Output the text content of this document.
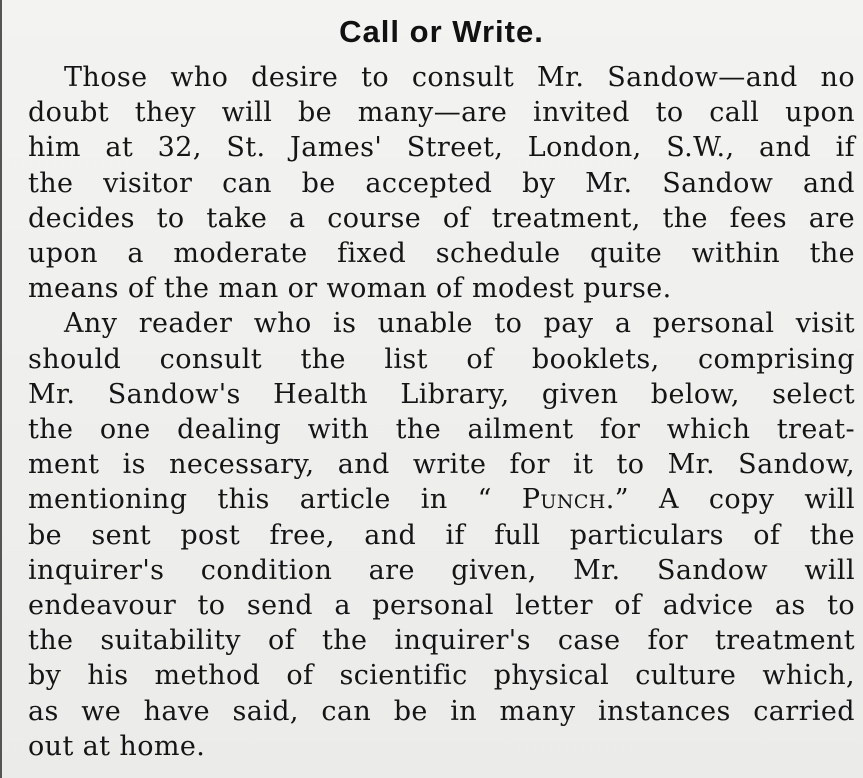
Call or Write.

Those who desire to consult Mr. Sandow—and no
doubt they will be many—are invited to call upon
him at 32, St. James' Street, London, S.W., and if
the visitor can be accepted by Mr. Sandow and
decides to take a course of treatment, the fees are
upon a moderate fixed schedule quite within the
means of the man or woman of modest purse.

Any reader who is unable to pay a personal visit
should consult the list of booklets, comprising
Mr. Sandow's Health Library, given below, select
the one dealing with the ailment for which treat-
ment is necessary, and write for it to Mr. Sandow,
mentioning this article in “ Punch.” A copy will
be sent post free, and if full particulars of the
inquirer's condition are given, Mr. Sandow will
endeavour to send a personal letter of advice as to
the suitability of the inquirer's case for treatment
by his method of scientific physical culture which,
as we have said, can be in many instances carried
out at home.
